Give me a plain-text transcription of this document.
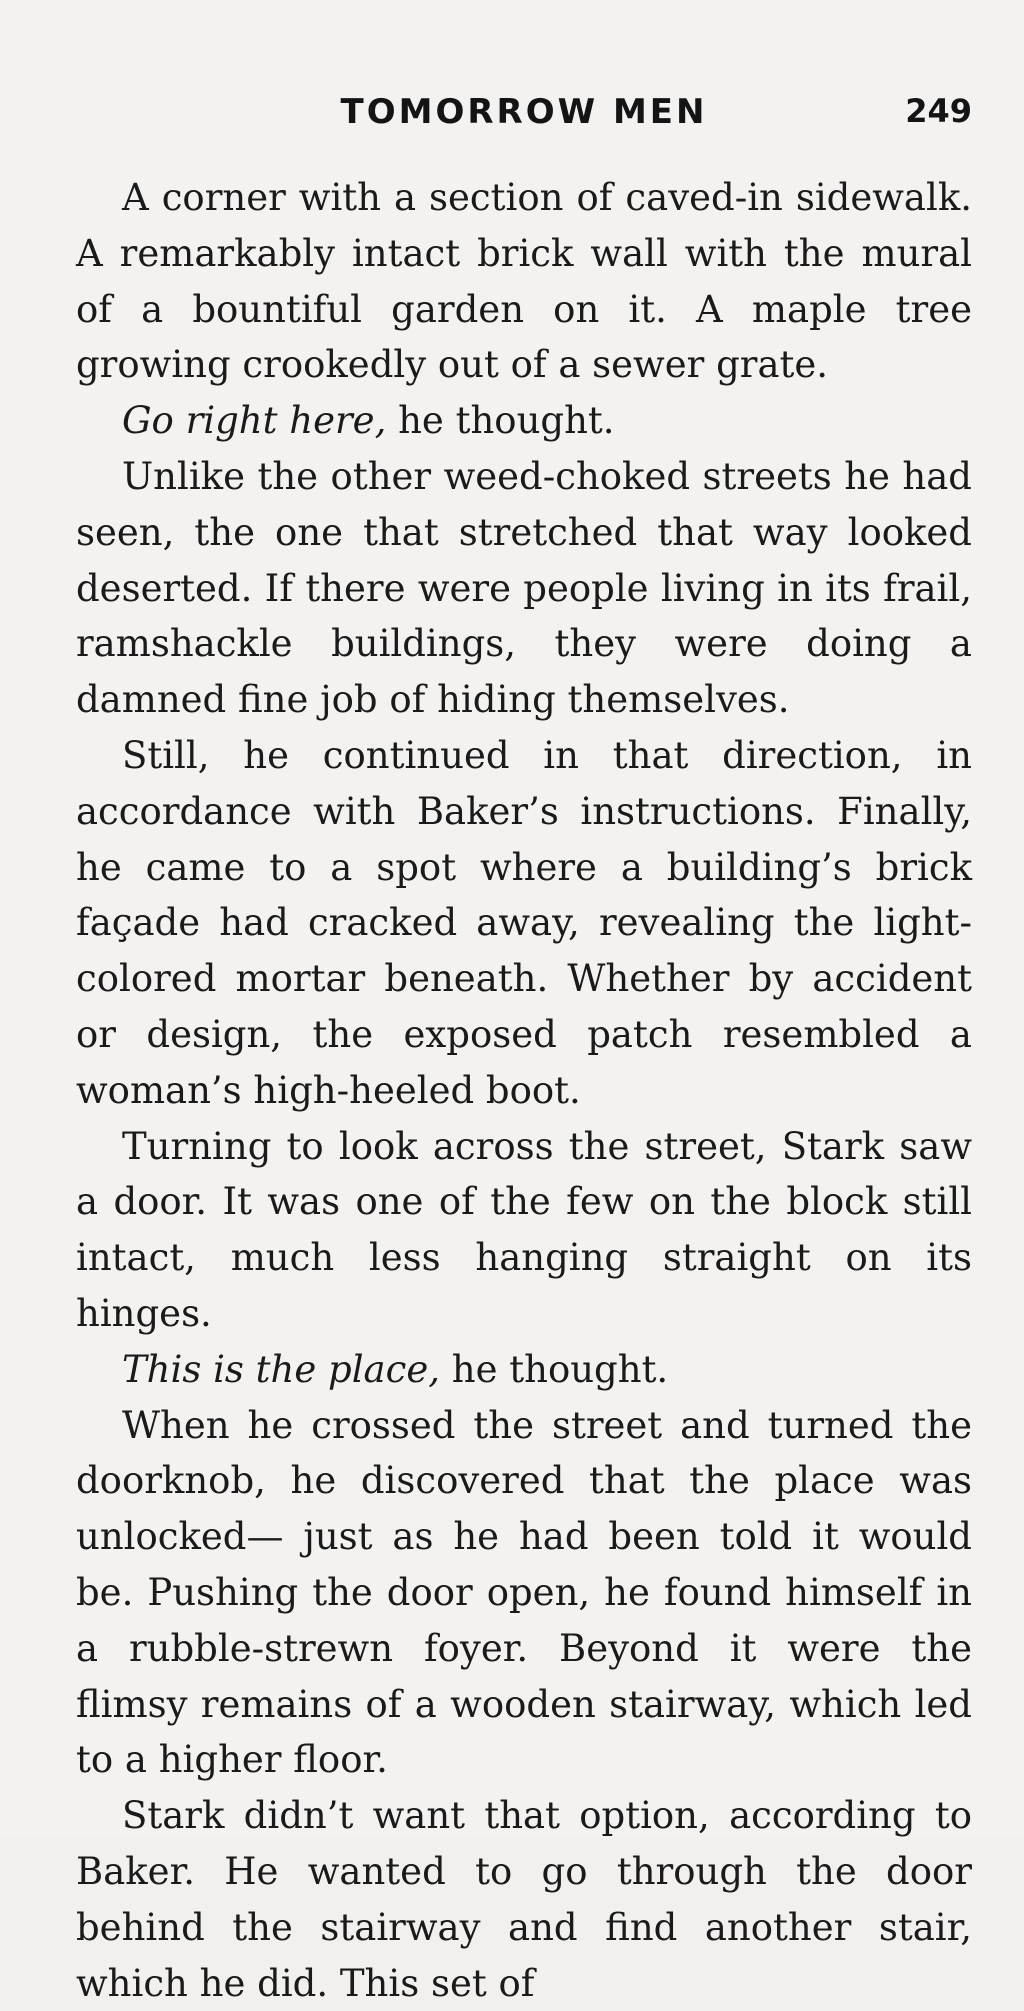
TOMORROW MEN	249

A corner with a section of caved-in sidewalk. A remarkably intact brick wall with the mural of a bountiful garden on it. A maple tree growing crookedly out of a sewer grate.

Go right here, he thought.

Unlike the other weed-choked streets he had seen, the one that stretched that way looked deserted. If there were people living in its frail, ramshackle buildings, they were doing a damned fine job of hiding themselves.

Still, he continued in that direction, in accordance with Baker’s instructions. Finally, he came to a spot where a building’s brick façade had cracked away, revealing the light-colored mortar beneath. Whether by accident or design, the exposed patch resembled a woman’s high-heeled boot.

Turning to look across the street, Stark saw a door. It was one of the few on the block still intact, much less hanging straight on its hinges.

This is the place, he thought.

When he crossed the street and turned the doorknob, he discovered that the place was unlocked— just as he had been told it would be. Pushing the door open, he found himself in a rubble-strewn foyer. Beyond it were the flimsy remains of a wooden stairway, which led to a higher floor.

Stark didn’t want that option, according to Baker. He wanted to go through the door behind the stairway and find another stair, which he did. This set of
